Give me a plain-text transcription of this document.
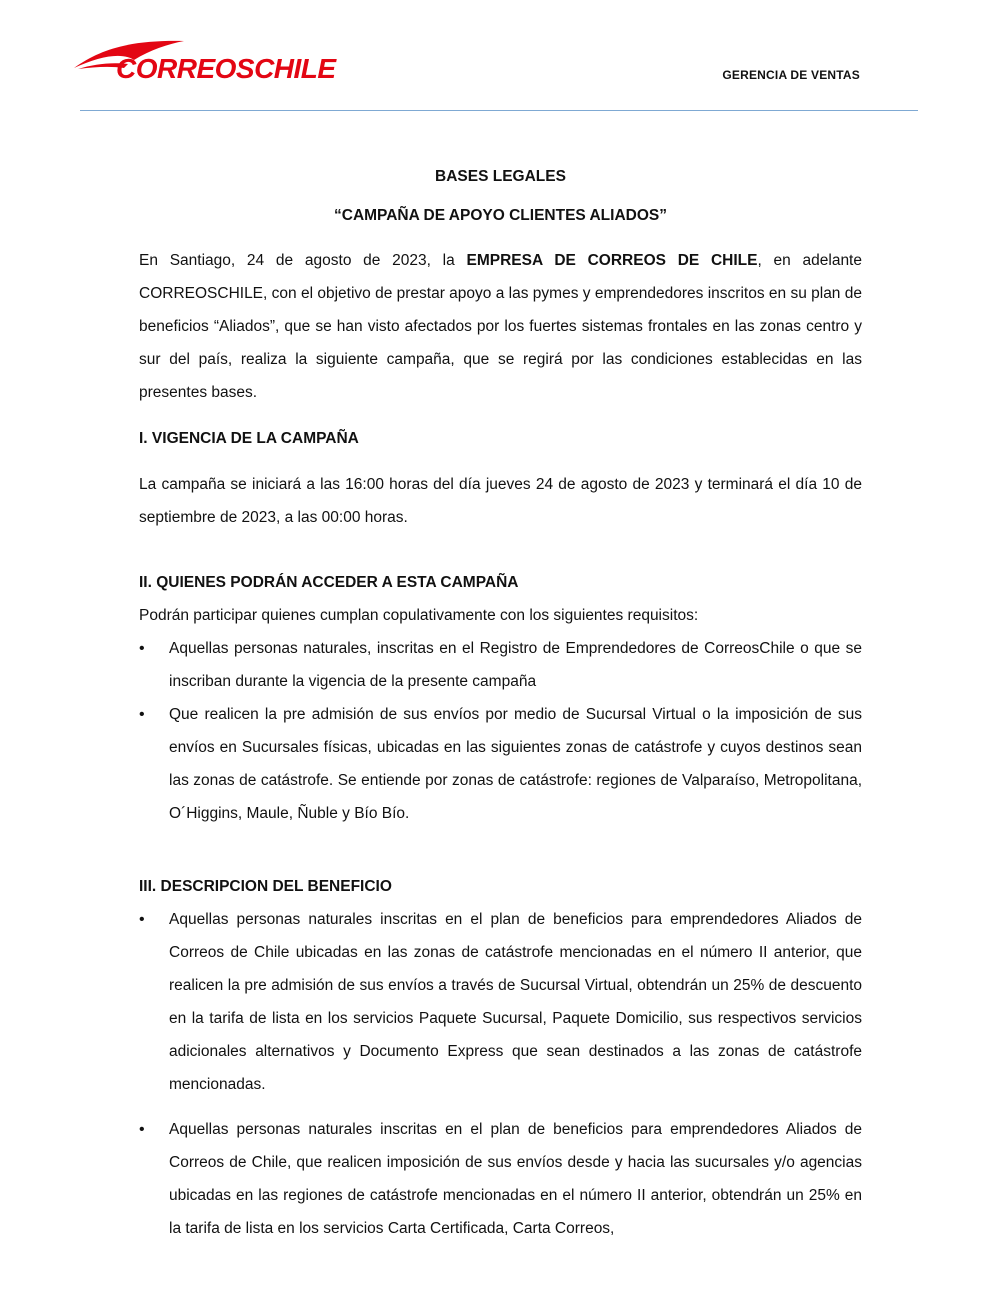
CORREOSCHILE	GERENCIA DE VENTAS

BASES LEGALES

“CAMPAÑA DE APOYO CLIENTES ALIADOS”

En Santiago, 24 de agosto de 2023, la EMPRESA DE CORREOS DE CHILE, en adelante CORREOSCHILE, con el objetivo de prestar apoyo a las pymes y emprendedores inscritos en su plan de beneficios “Aliados”, que se han visto afectados por los fuertes sistemas frontales en las zonas centro y sur del país, realiza la siguiente campaña, que se regirá por las condiciones establecidas en las presentes bases.

I. VIGENCIA DE LA CAMPAÑA

La campaña se iniciará a las 16:00 horas del día jueves 24 de agosto de 2023 y terminará el día 10 de septiembre de 2023, a las 00:00 horas.

II. QUIENES PODRÁN ACCEDER A ESTA CAMPAÑA

Podrán participar quienes cumplan copulativamente con los siguientes requisitos:

• Aquellas personas naturales, inscritas en el Registro de Emprendedores de CorreosChile o que se inscriban durante la vigencia de la presente campaña
• Que realicen la pre admisión de sus envíos por medio de Sucursal Virtual o la imposición de sus envíos en Sucursales físicas, ubicadas en las siguientes zonas de catástrofe y cuyos destinos sean las zonas de catástrofe. Se entiende por zonas de catástrofe: regiones de Valparaíso, Metropolitana, O´Higgins, Maule, Ñuble y Bío Bío.

III. DESCRIPCION DEL BENEFICIO

• Aquellas personas naturales inscritas en el plan de beneficios para emprendedores Aliados de Correos de Chile ubicadas en las zonas de catástrofe mencionadas en el número II anterior, que realicen la pre admisión de sus envíos a través de Sucursal Virtual, obtendrán un 25% de descuento en la tarifa de lista en los servicios Paquete Sucursal, Paquete Domicilio, sus respectivos servicios adicionales alternativos y Documento Express que sean destinados a las zonas de catástrofe mencionadas.
• Aquellas personas naturales inscritas en el plan de beneficios para emprendedores Aliados de Correos de Chile, que realicen imposición de sus envíos desde y hacia las sucursales y/o agencias ubicadas en las regiones de catástrofe mencionadas en el número II anterior, obtendrán un 25% en la tarifa de lista en los servicios Carta Certificada, Carta Correos,
